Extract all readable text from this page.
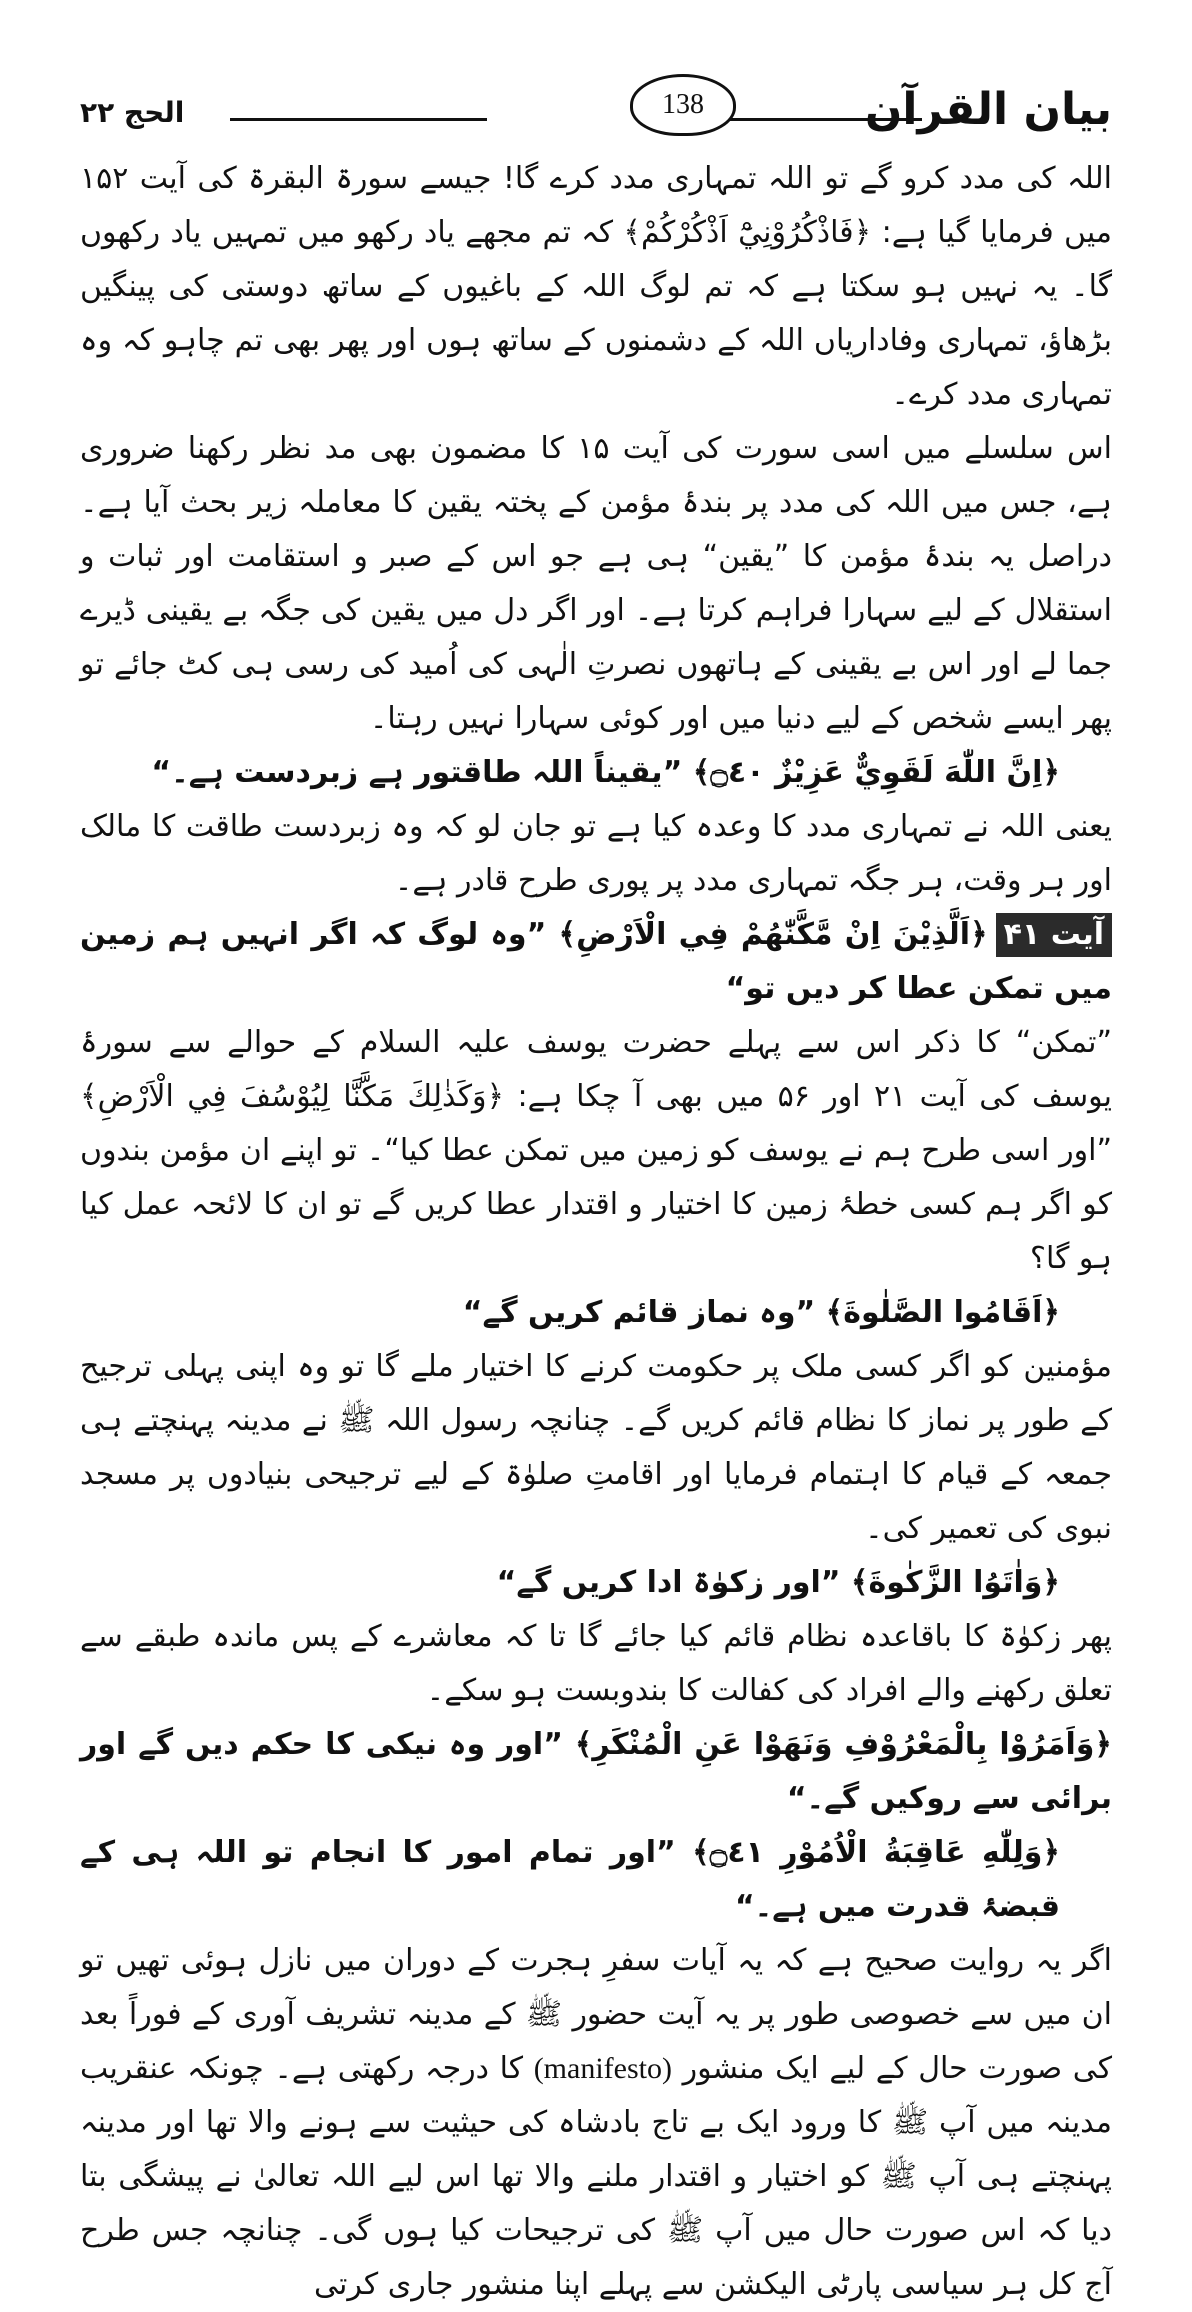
بیان القرآن
138
الحج ۲۲

اللہ کی مدد کرو گے تو اللہ تمہاری مدد کرے گا! جیسے سورۃ البقرۃ کی آیت ۱۵۲ میں فرمایا گیا ہے: ﴿فَاذْكُرُوْنِيْٓ اَذْكُرْكُمْ﴾ کہ تم مجھے یاد رکھو میں تمہیں یاد رکھوں گا۔ یہ نہیں ہو سکتا ہے کہ تم لوگ اللہ کے باغیوں کے ساتھ دوستی کی پینگیں بڑھاؤ، تمہاری وفاداریاں اللہ کے دشمنوں کے ساتھ ہوں اور پھر بھی تم چاہو کہ وہ تمہاری مدد کرے۔

اس سلسلے میں اسی سورت کی آیت ۱۵ کا مضمون بھی مد نظر رکھنا ضروری ہے، جس میں اللہ کی مدد پر بندۂ مؤمن کے پختہ یقین کا معاملہ زیر بحث آیا ہے۔ دراصل یہ بندۂ مؤمن کا ”یقین“ ہی ہے جو اس کے صبر و استقامت اور ثبات و استقلال کے لیے سہارا فراہم کرتا ہے۔ اور اگر دل میں یقین کی جگہ بے یقینی ڈیرے جما لے اور اس بے یقینی کے ہاتھوں نصرتِ الٰہی کی اُمید کی رسی ہی کٹ جائے تو پھر ایسے شخص کے لیے دنیا میں اور کوئی سہارا نہیں رہتا۔

﴿اِنَّ اللّٰهَ لَقَوِيٌّ عَزِيْزٌ ۝٤٠﴾ ”یقیناً اللہ طاقتور ہے زبردست ہے۔“

یعنی اللہ نے تمہاری مدد کا وعدہ کیا ہے تو جان لو کہ وہ زبردست طاقت کا مالک اور ہر وقت، ہر جگہ تمہاری مدد پر پوری طرح قادر ہے۔

آیت ۴۱﴿اَلَّذِيْنَ اِنْ مَّكَّنّٰهُمْ فِي الْاَرْضِ﴾ ”وہ لوگ کہ اگر انہیں ہم زمین میں تمکن عطا کر دیں تو“

”تمکن“ کا ذکر اس سے پہلے حضرت یوسف علیہ السلام کے حوالے سے سورۂ یوسف کی آیت ۲۱ اور ۵۶ میں بھی آ چکا ہے: ﴿وَكَذٰلِكَ مَكَّنَّا لِيُوْسُفَ فِي الْاَرْضِ﴾ ”اور اسی طرح ہم نے یوسف کو زمین میں تمکن عطا کیا“۔ تو اپنے ان مؤمن بندوں کو اگر ہم کسی خطۂ زمین کا اختیار و اقتدار عطا کریں گے تو ان کا لائحہ عمل کیا ہو گا؟

﴿اَقَامُوا الصَّلٰوةَ﴾ ”وہ نماز قائم کریں گے“

مؤمنین کو اگر کسی ملک پر حکومت کرنے کا اختیار ملے گا تو وہ اپنی پہلی ترجیح کے طور پر نماز کا نظام قائم کریں گے۔ چنانچہ رسول اللہ ﷺ نے مدینہ پہنچتے ہی جمعہ کے قیام کا اہتمام فرمایا اور اقامتِ صلوٰۃ کے لیے ترجیحی بنیادوں پر مسجد نبوی کی تعمیر کی۔

﴿وَاٰتَوُا الزَّكٰوةَ﴾ ”اور زکوٰۃ ادا کریں گے“

پھر زکوٰۃ کا باقاعدہ نظام قائم کیا جائے گا تا کہ معاشرے کے پس ماندہ طبقے سے تعلق رکھنے والے افراد کی کفالت کا بندوبست ہو سکے۔

﴿وَاَمَرُوْا بِالْمَعْرُوْفِ وَنَهَوْا عَنِ الْمُنْكَرِ﴾ ”اور وہ نیکی کا حکم دیں گے اور برائی سے روکیں گے۔“

﴿وَلِلّٰهِ عَاقِبَةُ الْاُمُوْرِ ۝٤١﴾ ”اور تمام امور کا انجام تو اللہ ہی کے قبضۂ قدرت میں ہے۔“

اگر یہ روایت صحیح ہے کہ یہ آیات سفرِ ہجرت کے دوران میں نازل ہوئی تھیں تو ان میں سے خصوصی طور پر یہ آیت حضور ﷺ کے مدینہ تشریف آوری کے فوراً بعد کی صورت حال کے لیے ایک منشور (manifesto) کا درجہ رکھتی ہے۔ چونکہ عنقریب مدینہ میں آپ ﷺ کا ورود ایک بے تاج بادشاہ کی حیثیت سے ہونے والا تھا اور مدینہ پہنچتے ہی آپ ﷺ کو اختیار و اقتدار ملنے والا تھا اس لیے اللہ تعالیٰ نے پیشگی بتا دیا کہ اس صورت حال میں آپ ﷺ کی ترجیحات کیا ہوں گی۔ چنانچہ جس طرح آج کل ہر سیاسی پارٹی الیکشن سے پہلے اپنا منشور جاری کرتی
